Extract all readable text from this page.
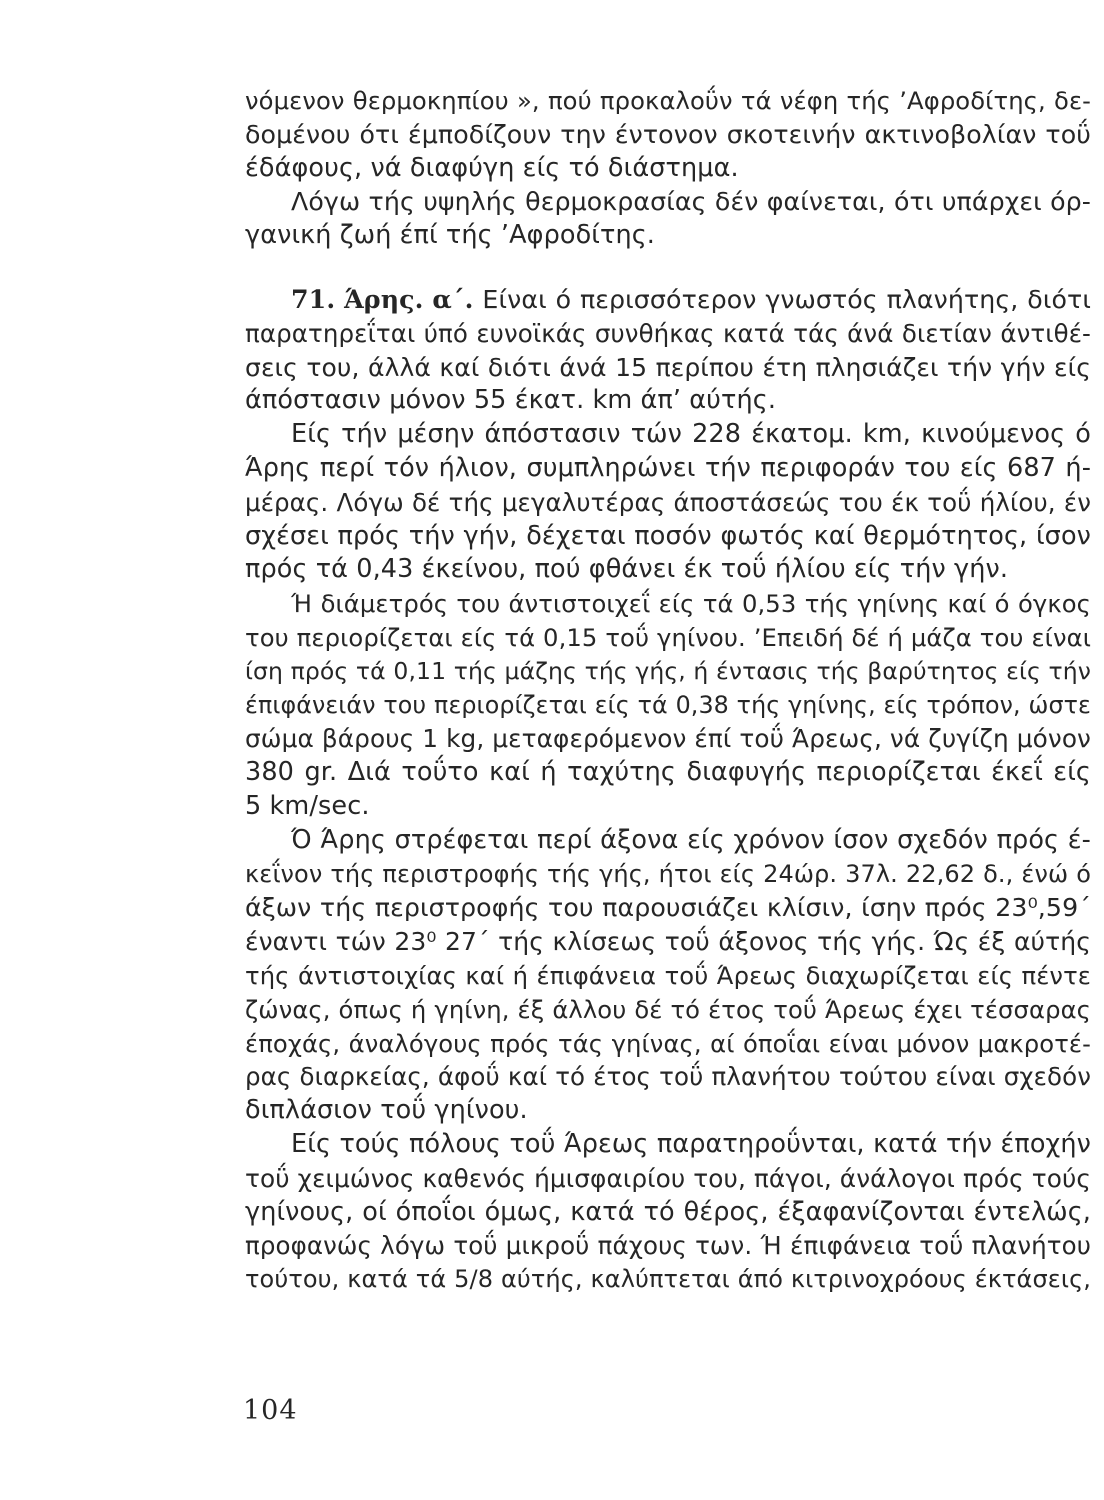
νόμενον θερμοκηπίου », πού προκαλοΰν τά νέφη τής ’Αφροδίτης, δε-
δομένου ότι έμποδίζουν την έντονον σκοτεινήν ακτινοβολίαν τοΰ
έδάφους, νά διαφύγη είς τό διάστημα.
Λόγω τής υψηλής θερμοκρασίας δέν φαίνεται, ότι υπάρχει όρ-
γανική ζωή έπί τής ’Αφροδίτης.
71. Άρης. α΄. Είναι ό περισσότερον γνωστός πλανήτης, διότι
παρατηρεΐται ύπό ευνοϊκάς συνθήκας κατά τάς άνά διετίαν άντιθέ-
σεις του, άλλά καί διότι άνά 15 περίπου έτη πλησιάζει τήν γήν είς
άπόστασιν μόνον 55 έκατ. km άπ’ αύτής.
Είς τήν μέσην άπόστασιν τών 228 έκατομ. km, κινούμενος ό
Άρης περί τόν ήλιον, συμπληρώνει τήν περιφοράν του είς 687 ή-
μέρας. Λόγω δέ τής μεγαλυτέρας άποστάσεώς του έκ τοΰ ήλίου, έν
σχέσει πρός τήν γήν, δέχεται ποσόν φωτός καί θερμότητος, ίσον
πρός τά 0,43 έκείνου, πού φθάνει έκ τοΰ ήλίου είς τήν γήν.
Ή διάμετρός του άντιστοιχεΐ είς τά 0,53 τής γηίνης καί ό όγκος
του περιορίζεται είς τά 0,15 τοΰ γηίνου. ’Επειδή δέ ή μάζα του είναι
ίση πρός τά 0,11 τής μάζης τής γής, ή έντασις τής βαρύτητος είς τήν
έπιφάνειάν του περιορίζεται είς τά 0,38 τής γηίνης, είς τρόπον, ώστε
σώμα βάρους 1 kg, μεταφερόμενον έπί τοΰ Άρεως, νά ζυγίζη μόνον
380 gr. Διά τοΰτο καί ή ταχύτης διαφυγής περιορίζεται έκεΐ είς
5 km/sec.
Ό Άρης στρέφεται περί άξονα είς χρόνον ίσον σχεδόν πρός έ-
κεΐνον τής περιστροφής τής γής, ήτοι είς 24ώρ. 37λ. 22,62 δ., ένώ ό
άξων τής περιστροφής του παρουσιάζει κλίσιν, ίσην πρός 23⁰,59΄
έναντι τών 23⁰ 27΄ τής κλίσεως τοΰ άξονος τής γής. Ώς έξ αύτής
τής άντιστοιχίας καί ή έπιφάνεια τοΰ Άρεως διαχωρίζεται είς πέντε
ζώνας, όπως ή γηίνη, έξ άλλου δέ τό έτος τοΰ Άρεως έχει τέσσαρας
έποχάς, άναλόγους πρός τάς γηίνας, αί όποΐαι είναι μόνον μακροτέ-
ρας διαρκείας, άφοΰ καί τό έτος τοΰ πλανήτου τούτου είναι σχεδόν
διπλάσιον τοΰ γηίνου.
Είς τούς πόλους τοΰ Άρεως παρατηροΰνται, κατά τήν έποχήν
τοΰ χειμώνος καθενός ήμισφαιρίου του, πάγοι, άνάλογοι πρός τούς
γηίνους, οί όποΐοι όμως, κατά τό θέρος, έξαφανίζονται έντελώς,
προφανώς λόγω τοΰ μικροΰ πάχους των. Ή έπιφάνεια τοΰ πλανήτου
τούτου, κατά τά 5/8 αύτής, καλύπτεται άπό κιτρινοχρόους έκτάσεις,
104
